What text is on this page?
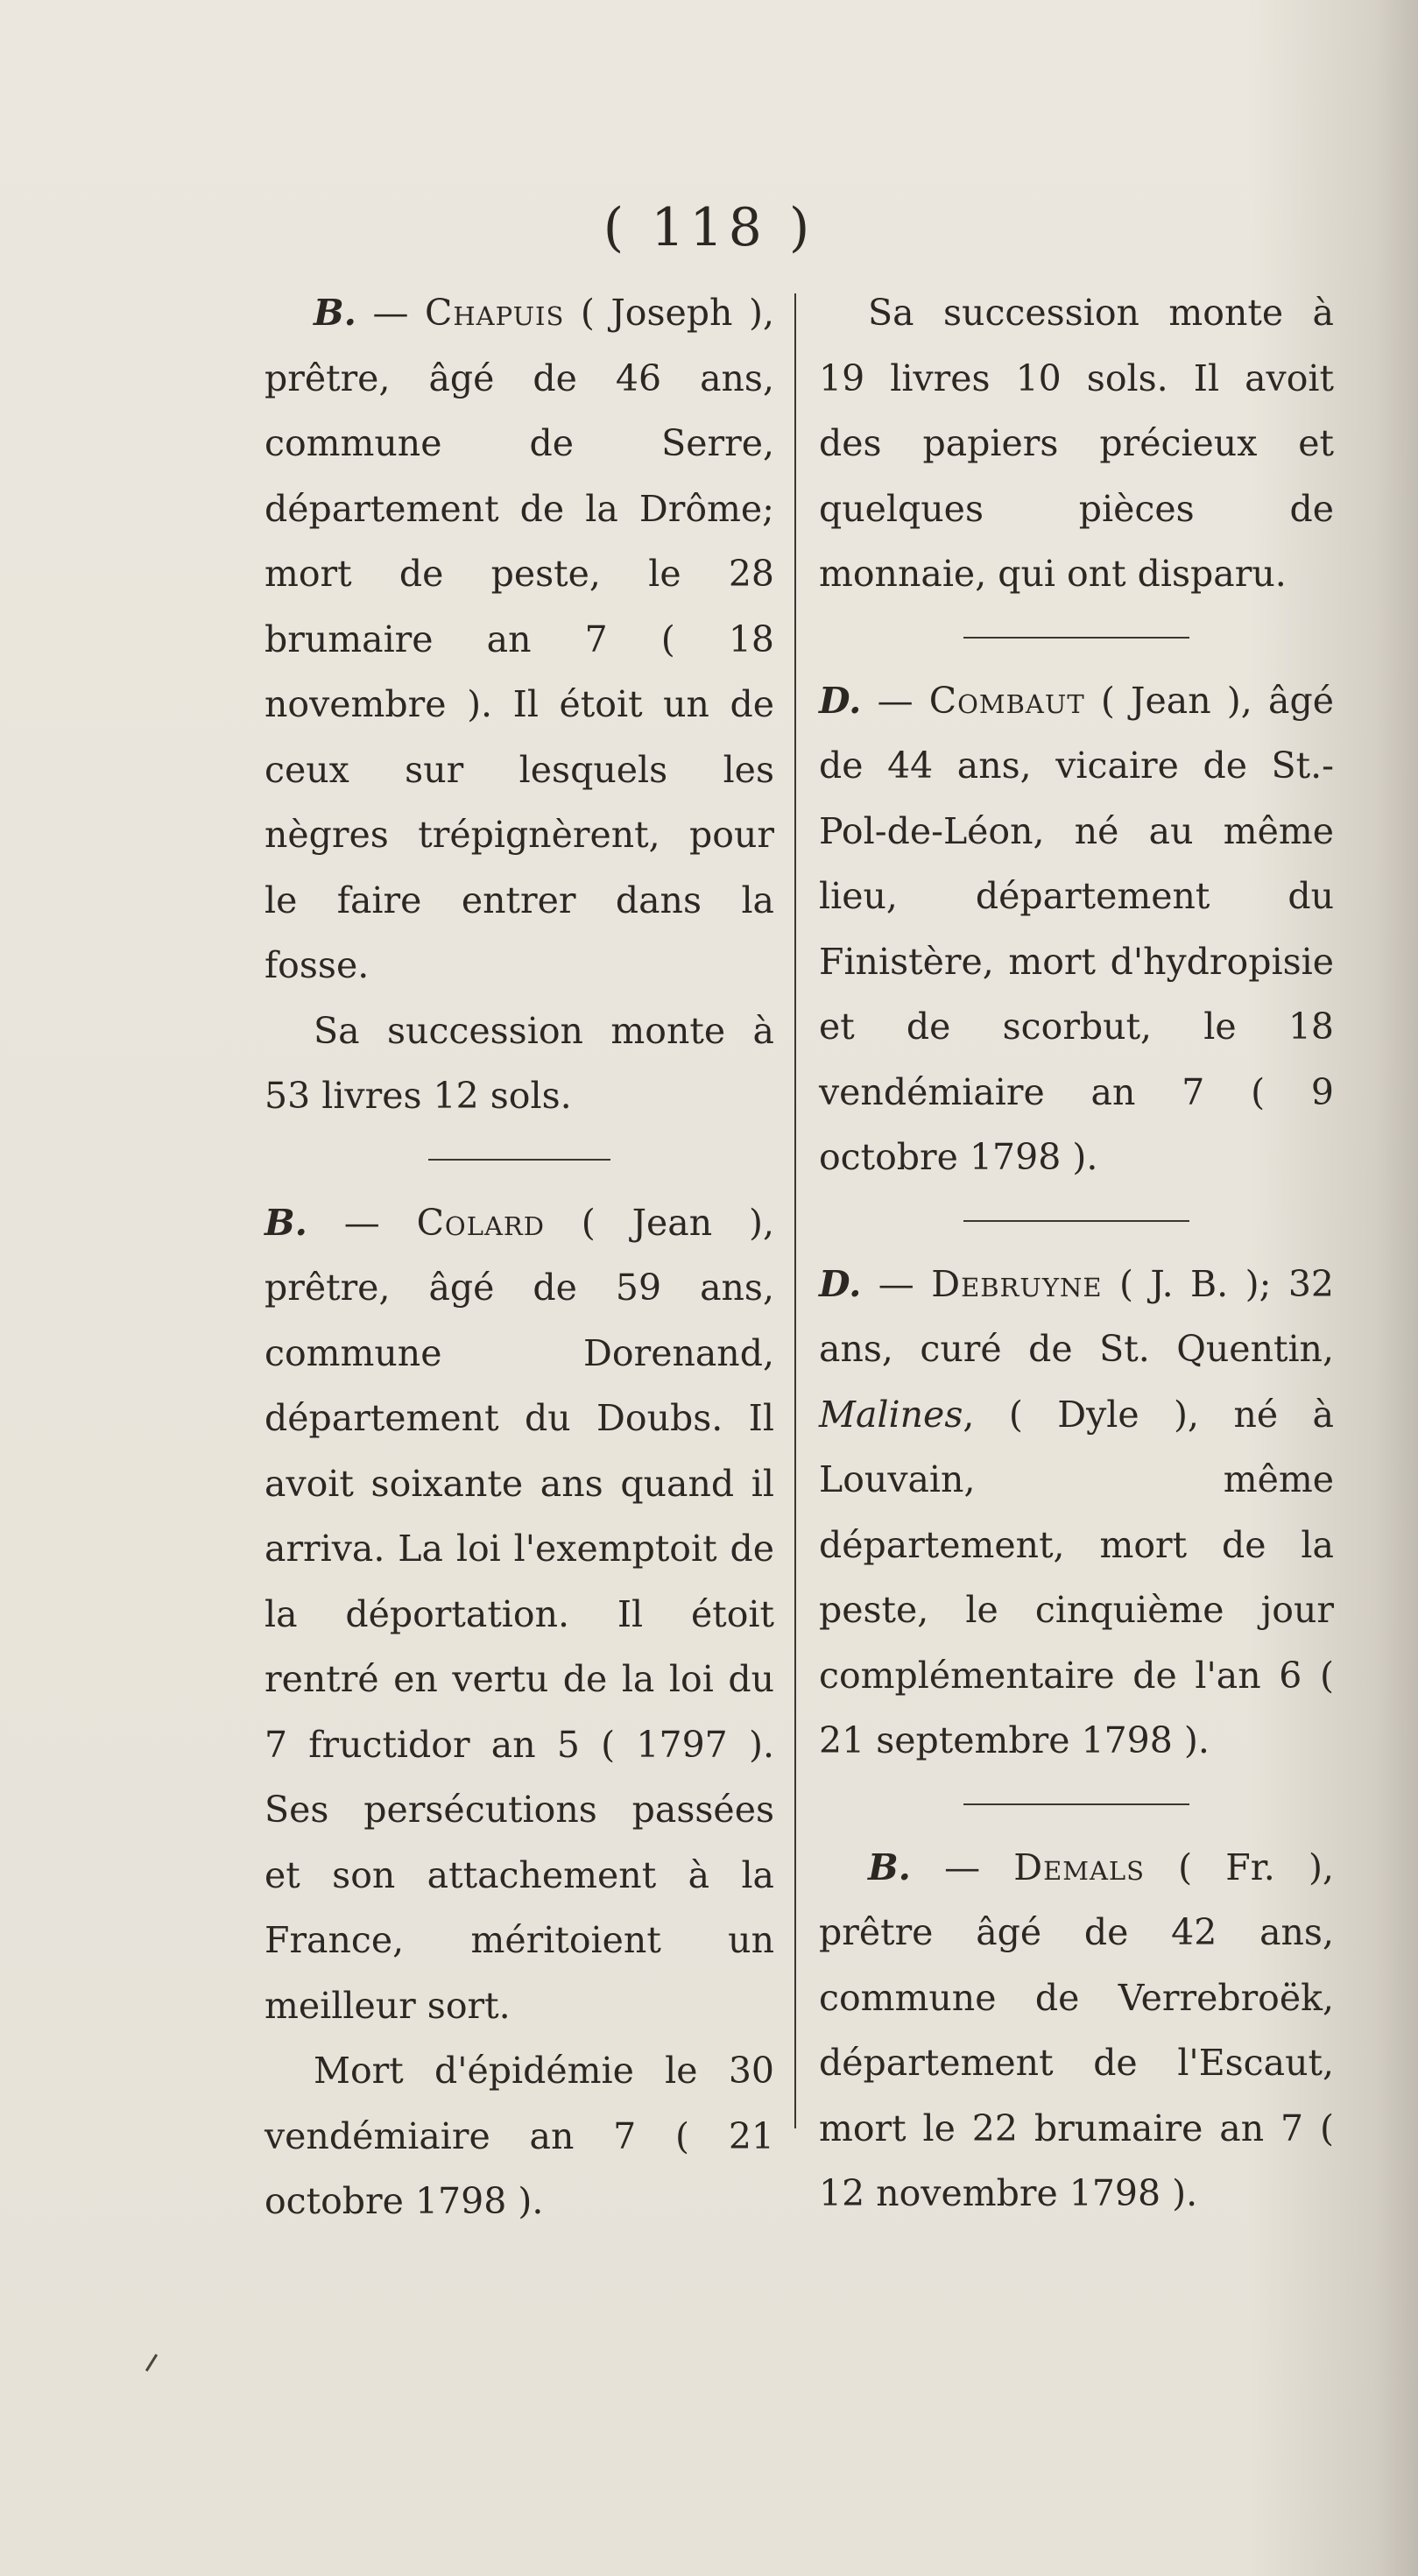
( 118 )

B. — Chapuis ( Joseph ), prêtre, âgé de 46 ans, commune de Serre, département de la Drôme; mort de peste, le 28 brumaire an 7 ( 18 novembre ). Il étoit un de ceux sur lesquels les nègres trépignèrent, pour le faire entrer dans la fosse.

Sa succession monte à 53 livres 12 sols.

B. — Colard ( Jean ), prêtre, âgé de 59 ans, commune Dorenand, département du Doubs. Il avoit soixante ans quand il arriva. La loi l'exemptoit de la déportation. Il étoit rentré en vertu de la loi du 7 fructidor an 5 ( 1797 ). Ses persécutions passées et son attachement à la France, méritoient un meilleur sort.

Mort d'épidémie le 30 vendémiaire an 7 ( 21 octobre 1798 ).

Sa succession monte à 19 livres 10 sols. Il avoit des papiers précieux et quelques pièces de monnaie, qui ont disparu.

D. — Combaut ( Jean ), âgé de 44 ans, vicaire de St.-Pol-de-Léon, né au même lieu, département du Finistère, mort d'hydropisie et de scorbut, le 18 vendémiaire an 7 ( 9 octobre 1798 ).

D. — Debruyne ( J. B. ); 32 ans, curé de St. Quentin, Malines, ( Dyle ), né à Louvain, même département, mort de la peste, le cinquième jour complémentaire de l'an 6 ( 21 septembre 1798 ).

B. — Demals ( Fr. ), prêtre âgé de 42 ans, commune de Verrebroëk, département de l'Escaut, mort le 22 brumaire an 7 ( 12 novembre 1798 ).
